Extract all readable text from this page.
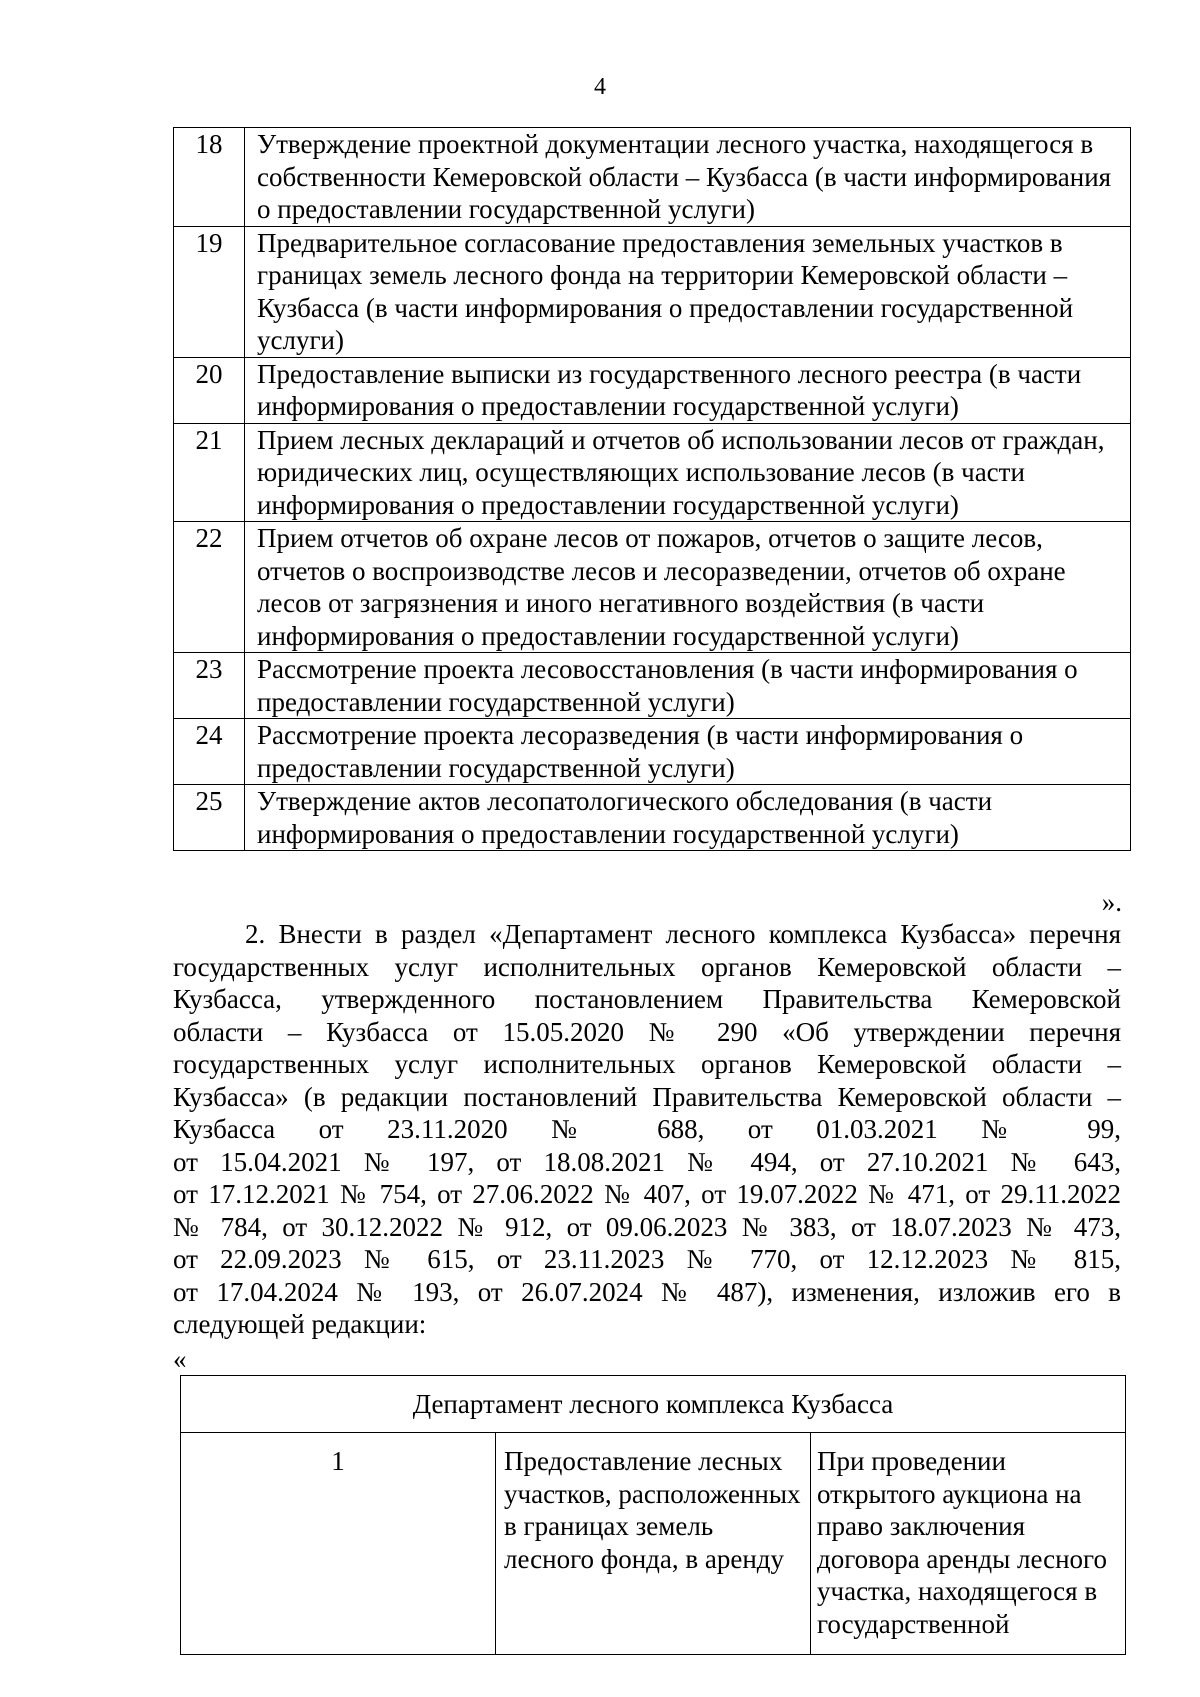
4
18	Утверждение проектной документации лесного участка, находящегося в собственности Кемеровской области – Кузбасса (в части информирования о предоставлении государственной услуги)
19	Предварительное согласование предоставления земельных участков в границах земель лесного фонда на территории Кемеровской области – Кузбасса (в части информирования о предоставлении государственной услуги)
20	Предоставление выписки из государственного лесного реестра (в части информирования о предоставлении государственной услуги)
21	Прием лесных деклараций и отчетов об использовании лесов от граждан, юридических лиц, осуществляющих использование лесов (в части информирования о предоставлении государственной услуги)
22	Прием отчетов об охране лесов от пожаров, отчетов о защите лесов, отчетов о воспроизводстве лесов и лесоразведении, отчетов об охране лесов от загрязнения и иного негативного воздействия (в части информирования о предоставлении государственной услуги)
23	Рассмотрение проекта лесовосстановления (в части информирования о предоставлении государственной услуги)
24	Рассмотрение проекта лесоразведения (в части информирования о предоставлении государственной услуги)
25	Утверждение актов лесопатологического обследования (в части информирования о предоставлении государственной услуги)
».
2. Внести в раздел «Департамент лесного комплекса Кузбасса» перечня
государственных услуг исполнительных органов Кемеровской области –
Кузбасса, утвержденного постановлением Правительства Кемеровской
области – Кузбасса от 15.05.2020 № 290 «Об утверждении перечня
государственных услуг исполнительных органов Кемеровской области –
Кузбасса» (в редакции постановлений Правительства Кемеровской области –
Кузбасса от 23.11.2020 № 688, от 01.03.2021 № 99,
от 15.04.2021 № 197, от 18.08.2021 № 494, от 27.10.2021 № 643,
от 17.12.2021 № 754, от 27.06.2022 № 407, от 19.07.2022 № 471, от 29.11.2022
№ 784, от 30.12.2022 № 912, от 09.06.2023 № 383, от 18.07.2023 № 473,
от 22.09.2023 № 615, от 23.11.2023 № 770, от 12.12.2023 № 815,
от 17.04.2024 № 193, от 26.07.2024 № 487), изменения, изложив его в
следующей редакции:
«
Департамент лесного комплекса Кузбасса
1	Предоставление лесных участков, расположенных в границах земель лесного фонда, в аренду	При проведении открытого аукциона на право заключения договора аренды лесного участка, находящегося в государственной
